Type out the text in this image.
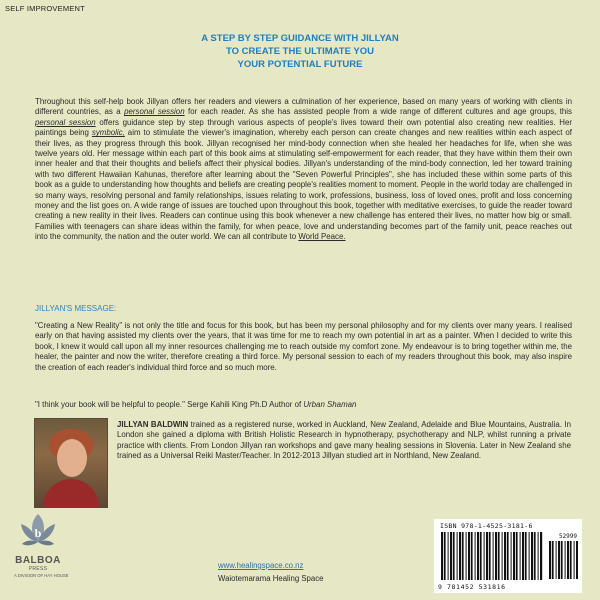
SELF IMPROVEMENT
A STEP BY STEP GUIDANCE WITH JILLYAN
TO CREATE THE ULTIMATE YOU
YOUR POTENTIAL FUTURE
Throughout this self-help book Jillyan offers her readers and viewers a culmination of her experience, based on many years of working with clients in different countries, as a personal session for each reader. As she has assisted people from a wide range of different cultures and age groups, this personal session offers guidance step by step through various aspects of people's lives toward their own potential also creating new realities. Her paintings being symbolic, aim to stimulate the viewer's imagination, whereby each person can create changes and new realities within each aspect of their lives, as they progress through this book. Jillyan recognised her mind-body connection when she healed her headaches for life, when she was twelve years old. Her message within each part of this book aims at stimulating self-empowerment for each reader, that they have within them their own inner healer and that their thoughts and beliefs affect their physical bodies. Jillyan's understanding of the mind-body connection, led her toward training with two different Hawaiian Kahunas, therefore after learning about the "Seven Powerful Principles", she has included these within some parts of this book as a guide to understanding how thoughts and beliefs are creating people's realities moment to moment. People in the world today are challenged in so many ways, resolving personal and family relationships, issues relating to work, professions, business, loss of loved ones, profit and loss concerning money and the list goes on. A wide range of issues are touched upon throughout this book, together with meditative exercises, to guide the reader toward creating a new reality in their lives. Readers can continue using this book whenever a new challenge has entered their lives, no matter how big or small. Families with teenagers can share ideas within the family, for when peace, love and understanding becomes part of the family unit, peace reaches out into the community, the nation and the outer world. We can all contribute to World Peace.
JILLYAN'S MESSAGE:
"Creating a New Reality" is not only the title and focus for this book, but has been my personal philosophy and for my clients over many years. I realised early on that having assisted my clients over the years, that it was time for me to reach my own potential in art as a painter. When I decided to write this book, I knew it would call upon all my inner resources challenging me to reach outside my comfort zone. My endeavour is to bring together within me, the healer, the painter and now the writer, therefore creating a third force. My personal session to each of my readers throughout this book, may also inspire the creation of each reader's individual third force and so much more.
"I think your book will be helpful to people." Serge Kahili King Ph.D Author of Urban Shaman
JILLYAN BALDWIN trained as a registered nurse, worked in Auckland, New Zealand, Adelaide and Blue Mountains, Australia. In London she gained a diploma with British Holistic Research in hypnotherapy, psychotherapy and NLP, whilst running a private practice with clients. From London Jillyan ran workshops and gave many healing sessions in Slovenia. Later in New Zealand she trained as a Universal Reiki Master/Teacher. In 2012-2013 Jillyan studied art in Northland, New Zealand.
b
BALBOA
PRESS
A DIVISION OF HAY HOUSE
www.healingspace.co.nz
Waiotemarama Healing Space
ISBN 978-1-4525-3181-6
52999
9 781452 531816
